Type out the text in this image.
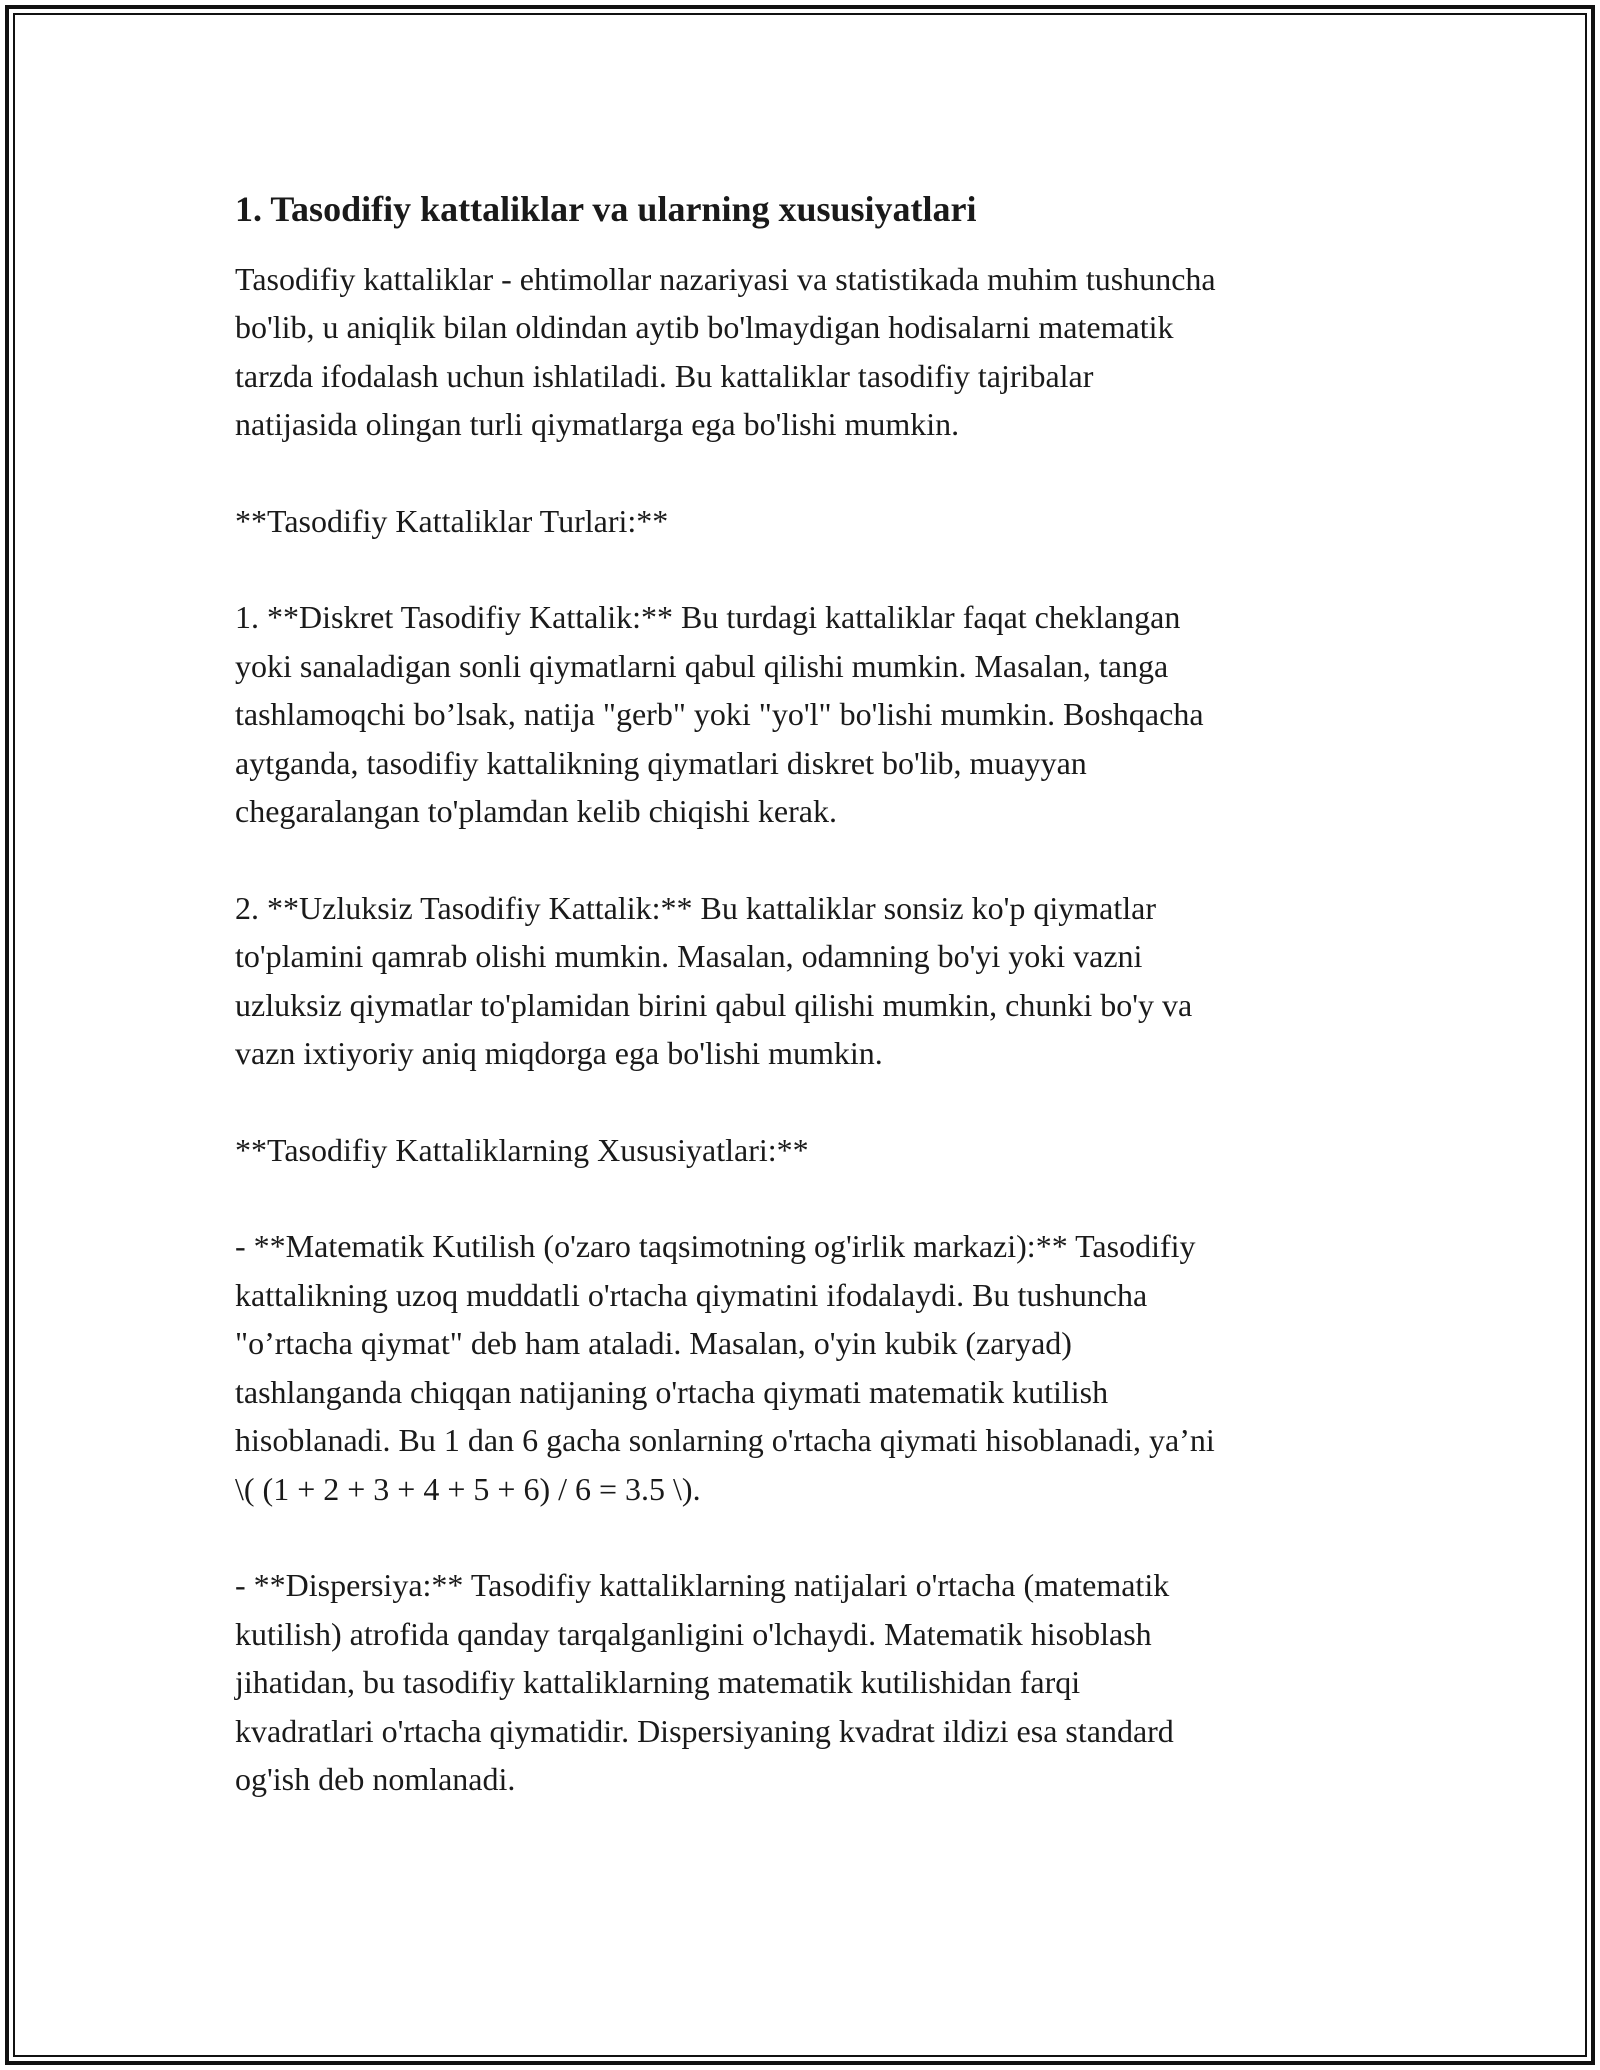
1. Tasodifiy kattaliklar va ularning xususiyatlari

Tasodifiy kattaliklar - ehtimollar nazariyasi va statistikada muhim tushuncha
bo'lib, u aniqlik bilan oldindan aytib bo'lmaydigan hodisalarni matematik
tarzda ifodalash uchun ishlatiladi. Bu kattaliklar tasodifiy tajribalar
natijasida olingan turli qiymatlarga ega bo'lishi mumkin.

**Tasodifiy Kattaliklar Turlari:**

1. **Diskret Tasodifiy Kattalik:** Bu turdagi kattaliklar faqat cheklangan
yoki sanaladigan sonli qiymatlarni qabul qilishi mumkin. Masalan, tanga
tashlamoqchi bo’lsak, natija "gerb" yoki "yo'l" bo'lishi mumkin. Boshqacha
aytganda, tasodifiy kattalikning qiymatlari diskret bo'lib, muayyan
chegaralangan to'plamdan kelib chiqishi kerak.

2. **Uzluksiz Tasodifiy Kattalik:** Bu kattaliklar sonsiz ko'p qiymatlar
to'plamini qamrab olishi mumkin. Masalan, odamning bo'yi yoki vazni
uzluksiz qiymatlar to'plamidan birini qabul qilishi mumkin, chunki bo'y va
vazn ixtiyoriy aniq miqdorga ega bo'lishi mumkin.

**Tasodifiy Kattaliklarning Xususiyatlari:**

- **Matematik Kutilish (o'zaro taqsimotning og'irlik markazi):** Tasodifiy
kattalikning uzoq muddatli o'rtacha qiymatini ifodalaydi. Bu tushuncha
"o’rtacha qiymat" deb ham ataladi. Masalan, o'yin kubik (zaryad)
tashlanganda chiqqan natijaning o'rtacha qiymati matematik kutilish
hisoblanadi. Bu 1 dan 6 gacha sonlarning o'rtacha qiymati hisoblanadi, ya’ni
\( (1 + 2 + 3 + 4 + 5 + 6) / 6 = 3.5 \).

- **Dispersiya:** Tasodifiy kattaliklarning natijalari o'rtacha (matematik
kutilish) atrofida qanday tarqalganligini o'lchaydi. Matematik hisoblash
jihatidan, bu tasodifiy kattaliklarning matematik kutilishidan farqi
kvadratlari o'rtacha qiymatidir. Dispersiyaning kvadrat ildizi esa standard
og'ish deb nomlanadi.
